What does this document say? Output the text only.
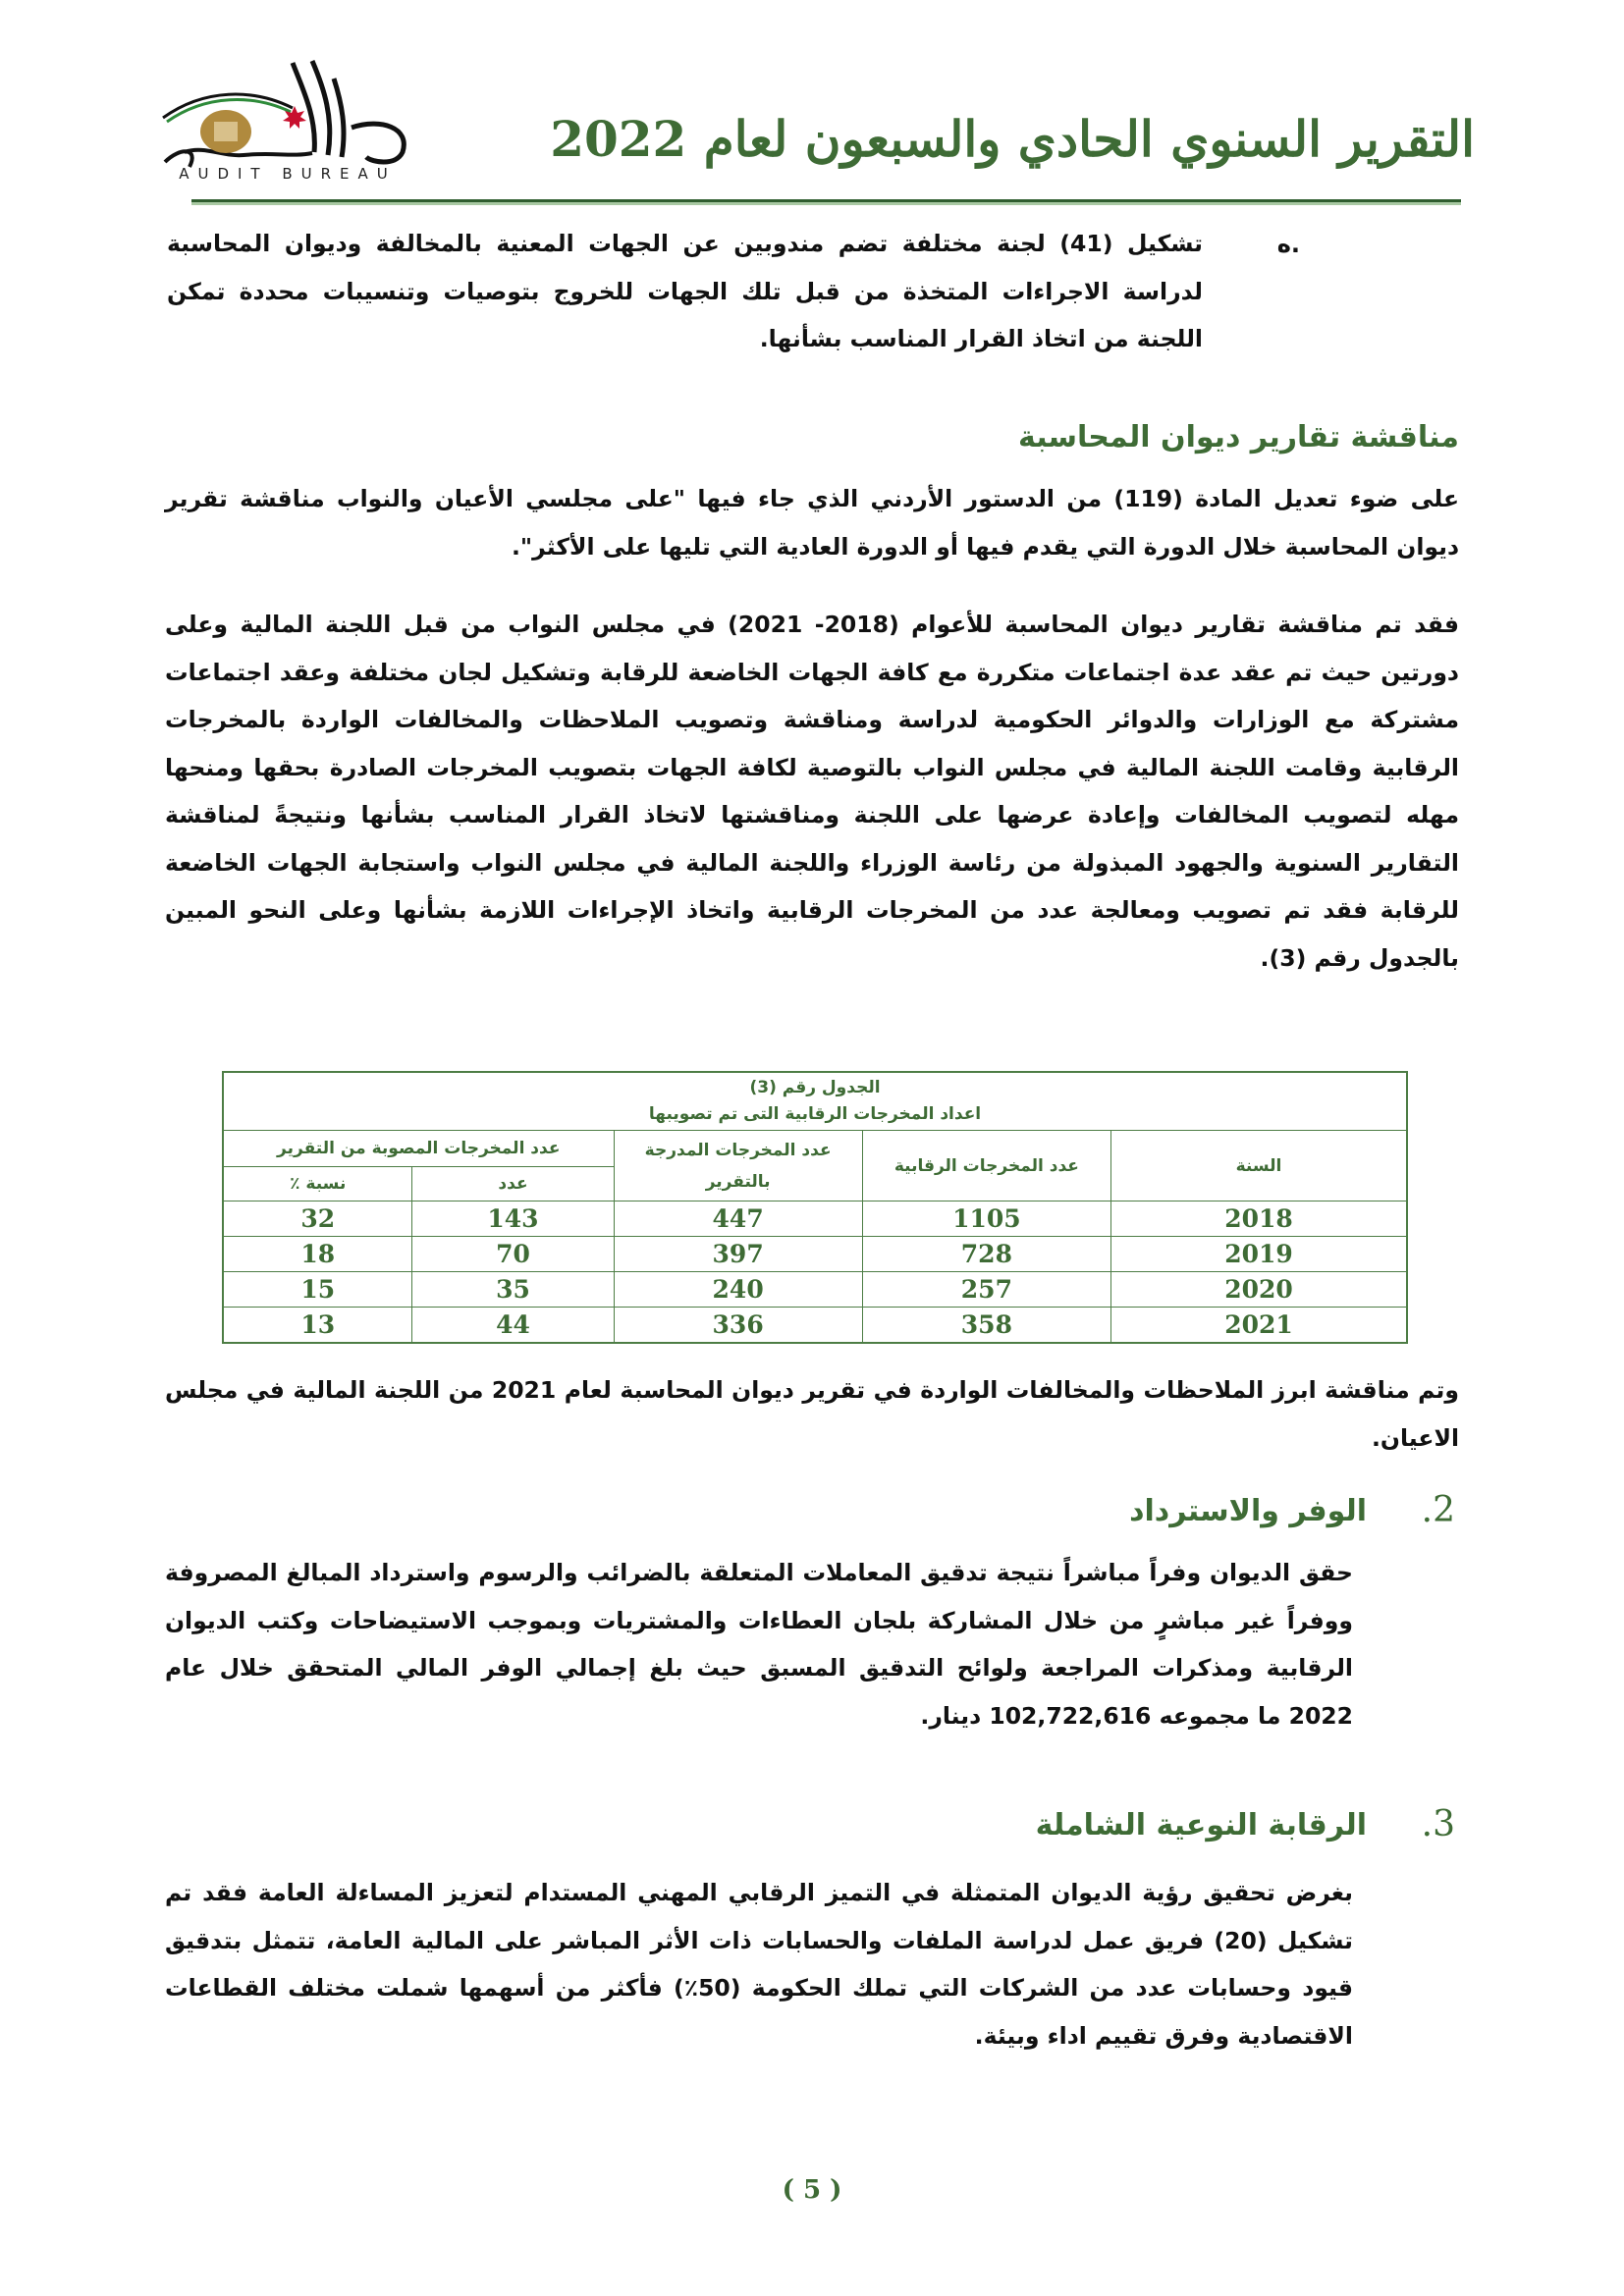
AUDIT BUREAU
التقرير السنوي الحادي والسبعون لعام 2022
ه.
تشكيل (41) لجنة مختلفة تضم مندوبين عن الجهات المعنية بالمخالفة وديوان المحاسبة لدراسة الاجراءات المتخذة من قبل تلك الجهات للخروج بتوصيات وتنسيبات محددة تمكن اللجنة من اتخاذ القرار المناسب بشأنها.
مناقشة تقارير ديوان المحاسبة
على ضوء تعديل المادة (119) من الدستور الأردني الذي جاء فيها "على مجلسي الأعيان والنواب مناقشة تقرير ديوان المحاسبة خلال الدورة التي يقدم فيها أو الدورة العادية التي تليها على الأكثر".
فقد تم مناقشة تقارير ديوان المحاسبة للأعوام (2018- 2021) في مجلس النواب من قبل اللجنة المالية وعلى دورتين حيث تم عقد عدة اجتماعات متكررة مع كافة الجهات الخاضعة للرقابة وتشكيل لجان مختلفة وعقد اجتماعات مشتركة مع الوزارات والدوائر الحكومية لدراسة ومناقشة وتصويب الملاحظات والمخالفات الواردة بالمخرجات الرقابية وقامت اللجنة المالية في مجلس النواب بالتوصية لكافة الجهات بتصويب المخرجات الصادرة بحقها ومنحها مهله لتصويب المخالفات وإعادة عرضها على اللجنة ومناقشتها لاتخاذ القرار المناسب بشأنها ونتيجةً لمناقشة التقارير السنوية والجهود المبذولة من رئاسة الوزراء واللجنة المالية في مجلس النواب واستجابة الجهات الخاضعة للرقابة فقد تم تصويب ومعالجة عدد من المخرجات الرقابية واتخاذ الإجراءات اللازمة بشأنها وعلى النحو المبين بالجدول رقم (3).
الجدول رقم (3)
اعداد المخرجات الرقابية التى تم تصويبها				

السنة	عدد المخرجات الرقابية	عدد المخرجات المدرجة بالتقرير	عدد المخرجات المصوبة من التقرير	
			عدد	نسبة ٪
2018	1105	447	143	32
2019	728	397	70	18
2020	257	240	35	15
2021	358	336	44	13
وتم مناقشة ابرز الملاحظات والمخالفات الواردة في تقرير ديوان المحاسبة لعام 2021 من اللجنة المالية في مجلس الاعيان.
.2
الوفر والاسترداد
حقق الديوان وفراً مباشراً نتيجة تدقيق المعاملات المتعلقة بالضرائب والرسوم واسترداد المبالغ المصروفة ووفراً غير مباشرٍ من خلال المشاركة بلجان العطاءات والمشتريات وبموجب الاستيضاحات وكتب الديوان الرقابية ومذكرات المراجعة ولوائح التدقيق المسبق حيث بلغ إجمالي الوفر المالي المتحقق خلال عام 2022 ما مجموعه 102,722,616 دينار.
.3
الرقابة النوعية الشاملة
بغرض تحقيق رؤية الديوان المتمثلة في التميز الرقابي المهني المستدام لتعزيز المساءلة العامة فقد تم تشكيل (20) فريق عمل لدراسة الملفات والحسابات ذات الأثر المباشر على المالية العامة، تتمثل بتدقيق قيود وحسابات عدد من الشركات التي تملك الحكومة (50٪) فأكثر من أسهمها شملت مختلف القطاعات الاقتصادية وفرق تقييم اداء وبيئة.
( 5 )
